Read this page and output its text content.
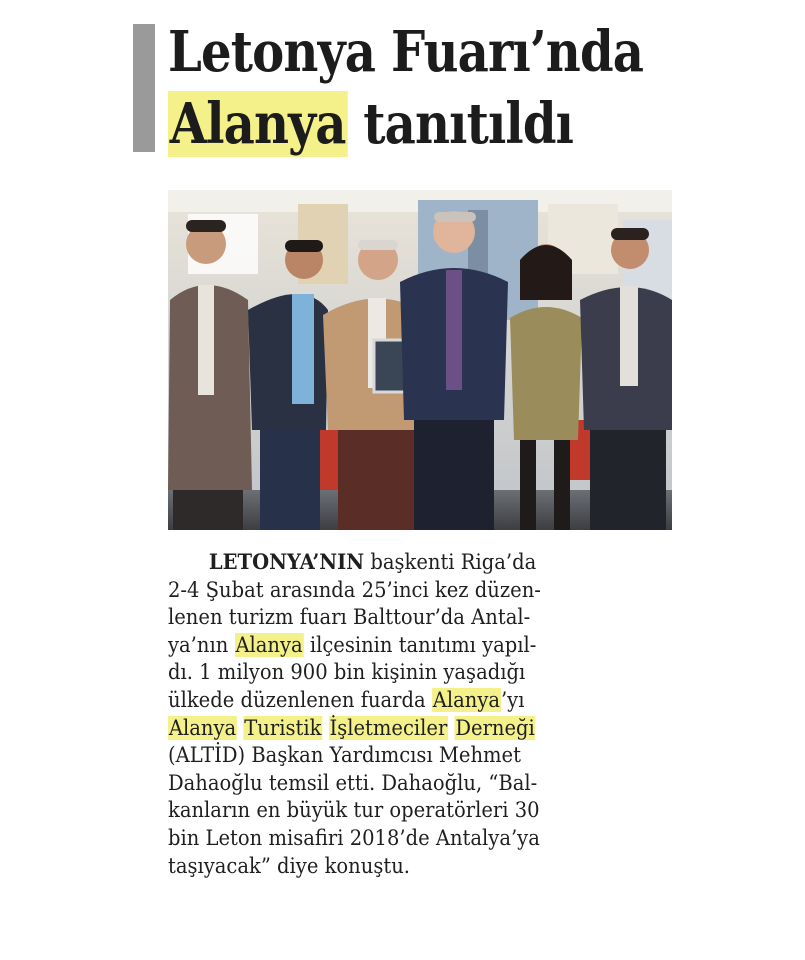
Letonya Fuarı’nda
Alanya tanıtıldı

LETONYA’NIN başkenti Riga’da
2-4 Şubat arasında 25’inci kez düzen-
lenen turizm fuarı Balttour’da Antal-
ya’nın Alanya ilçesinin tanıtımı yapıl-
dı. 1 milyon 900 bin kişinin yaşadığı
ülkede düzenlenen fuarda Alanya’yı
Alanya Turistik İşletmeciler Derneği
(ALTİD) Başkan Yardımcısı Mehmet
Dahaoğlu temsil etti. Dahaoğlu, “Bal-
kanların en büyük tur operatörleri 30
bin Leton misafiri 2018’de Antalya’ya
taşıyacak” diye konuştu.
